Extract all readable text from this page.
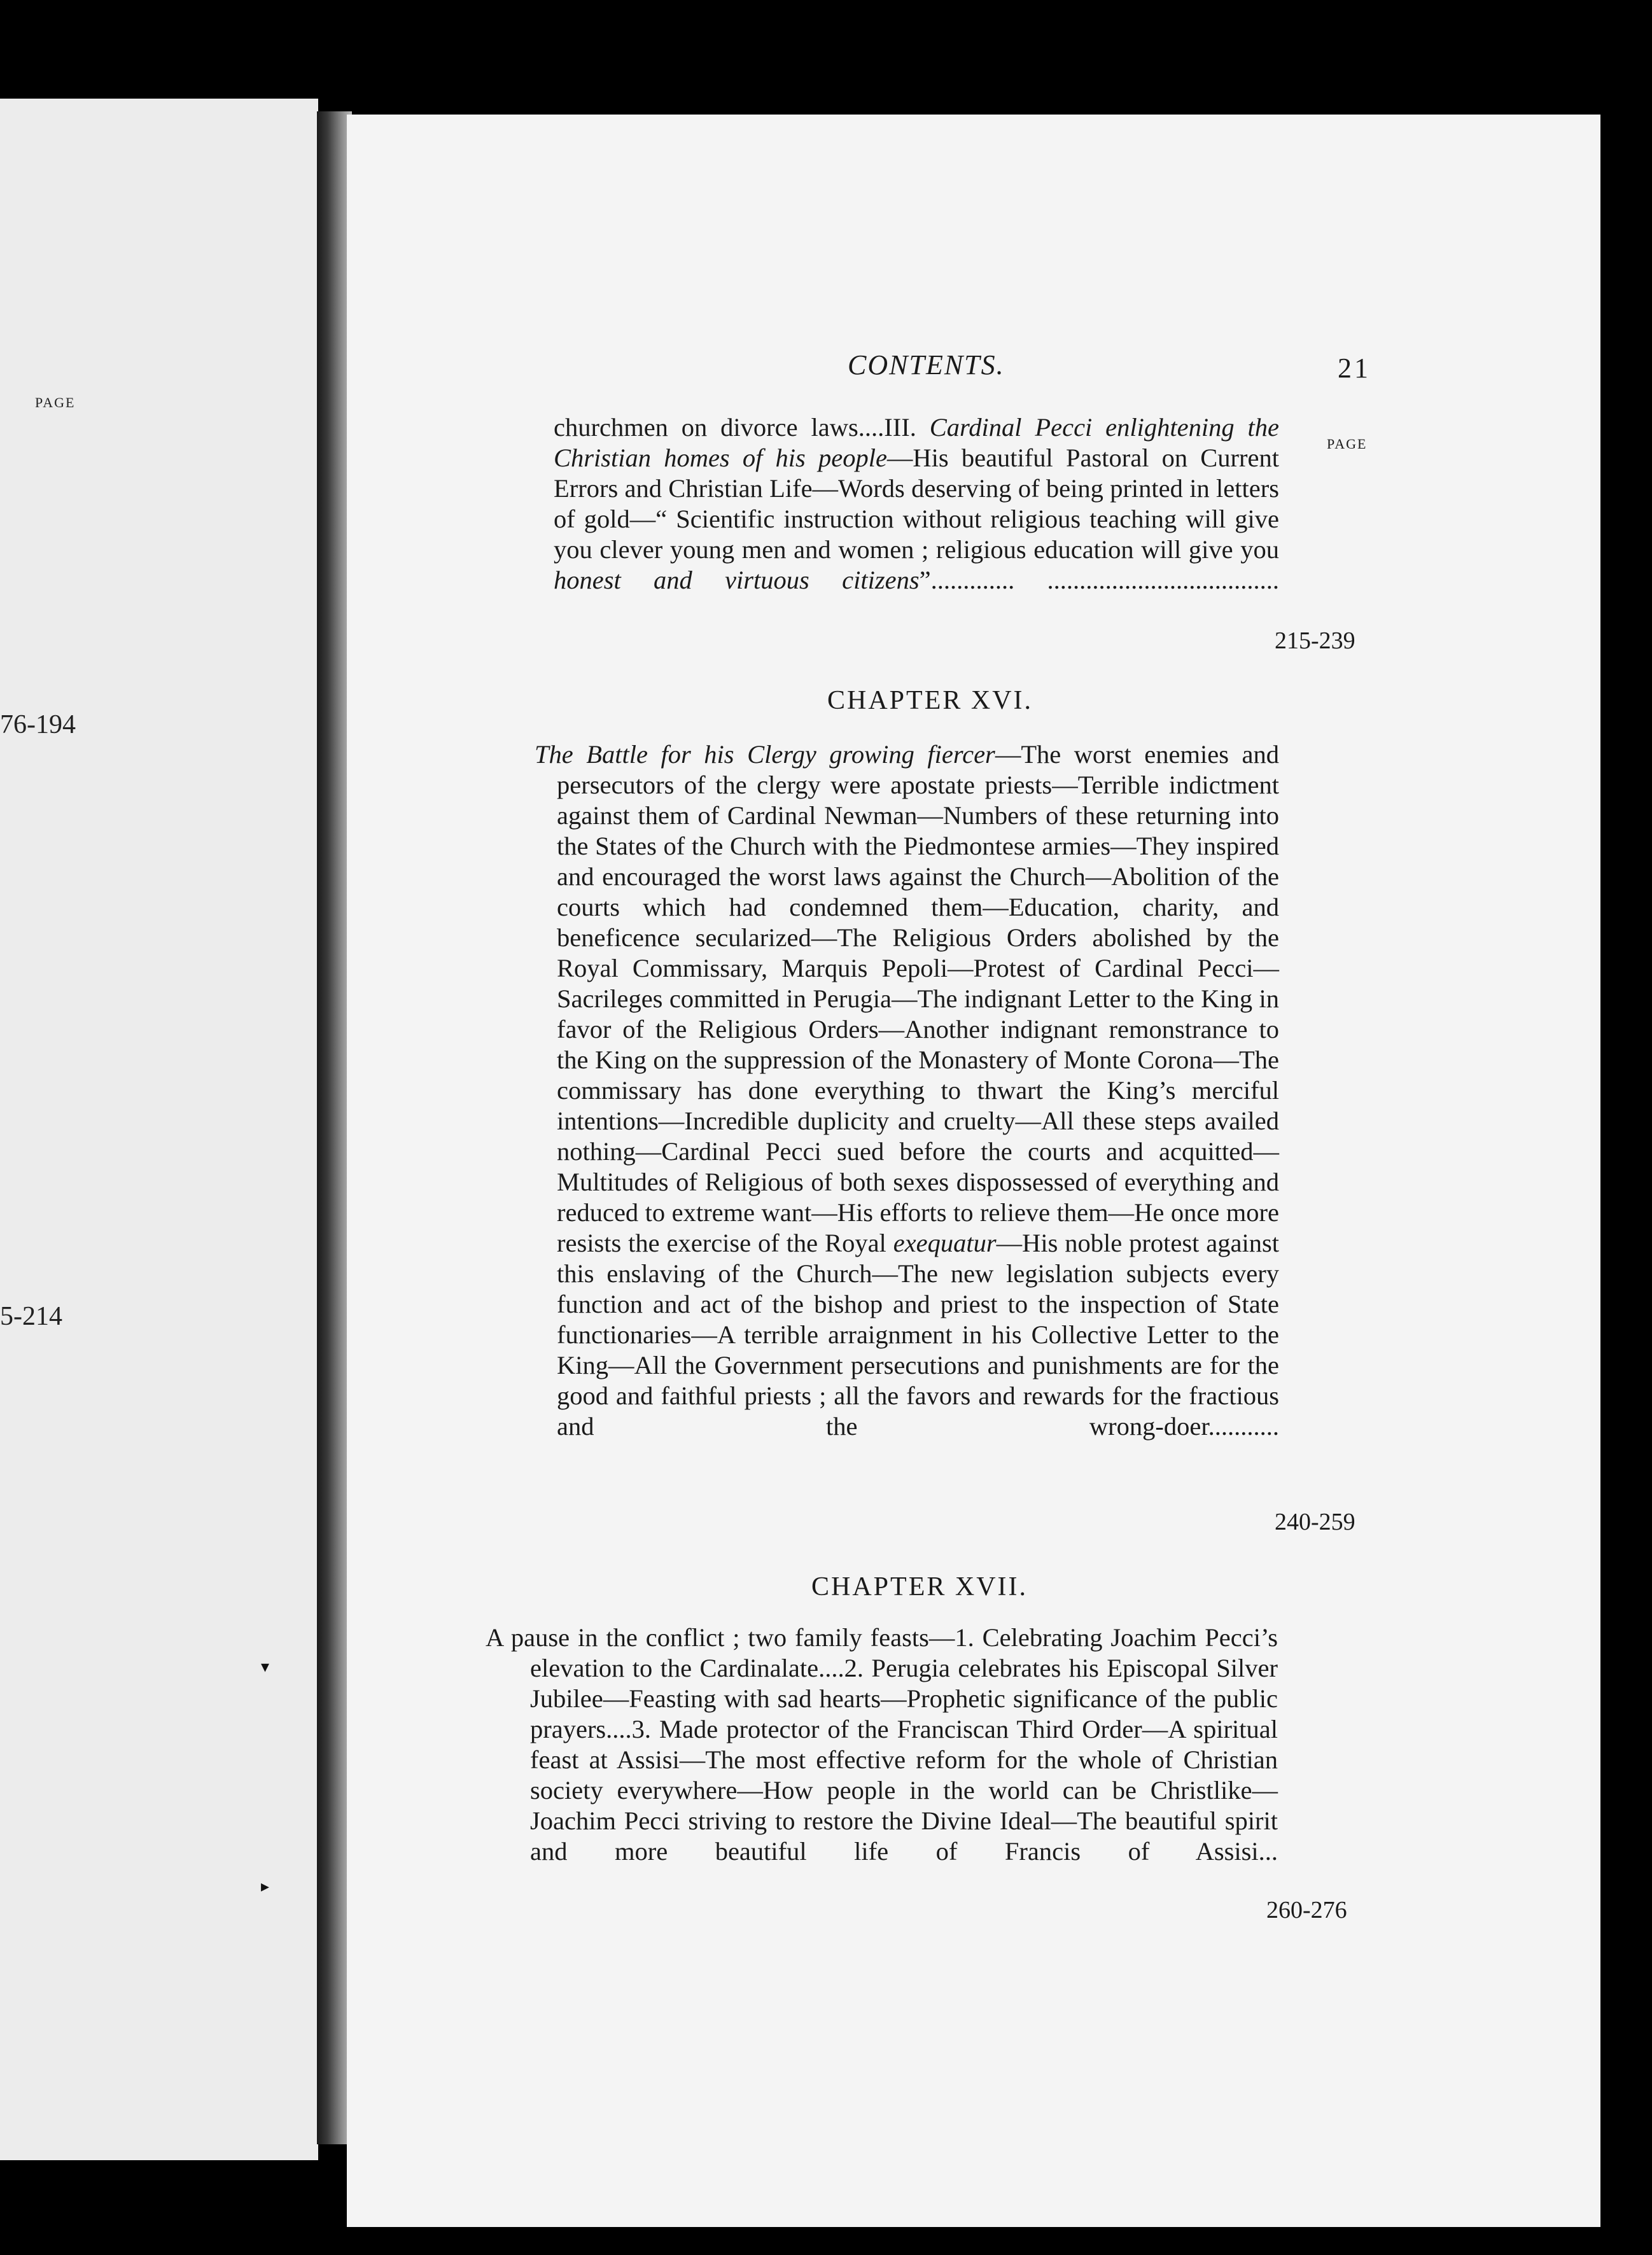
PAGE
76-194
5-214
▾
▸
CONTENTS.	21
PAGE
churchmen on divorce laws....III. Cardinal Pecci enlightening the Christian homes of his people—His beautiful Pastoral on Current Errors and Christian Life—Words deserving of being printed in letters of gold—“ Scientific instruction without religious teaching will give you clever young men and women ; religious education will give you honest and virtuous citizens”............. ....................................
215-239
CHAPTER XVI.
The Battle for his Clergy growing fiercer—The worst enemies and persecutors of the clergy were apostate priests—Terrible indictment against them of Cardinal Newman—Numbers of these returning into the States of the Church with the Piedmontese armies—They inspired and encouraged the worst laws against the Church—Abolition of the courts which had condemned them—Education, charity, and beneficence secularized—The Religious Orders abolished by the Royal Commissary, Marquis Pepoli—Protest of Cardinal Pecci—Sacrileges committed in Perugia—The indignant Letter to the King in favor of the Religious Orders—Another indignant remonstrance to the King on the suppression of the Monastery of Monte Corona—The commissary has done everything to thwart the King’s merciful intentions—Incredible duplicity and cruelty—All these steps availed nothing—Cardinal Pecci sued before the courts and acquitted—Multitudes of Religious of both sexes dispossessed of everything and reduced to extreme want—His efforts to relieve them—He once more resists the exercise of the Royal exequatur—His noble protest against this enslaving of the Church—The new legislation subjects every function and act of the bishop and priest to the inspection of State functionaries—A terrible arraignment in his Collective Letter to the King—All the Government persecutions and punishments are for the good and faithful priests ; all the favors and rewards for the fractious and the wrong-doer...........
240-259
CHAPTER XVII.
A pause in the conflict ; two family feasts—1. Celebrating Joachim Pecci’s elevation to the Cardinalate....2. Perugia celebrates his Episcopal Silver Jubilee—Feasting with sad hearts—Prophetic significance of the public prayers....3. Made protector of the Franciscan Third Order—A spiritual feast at Assisi—The most effective reform for the whole of Christian society everywhere—How people in the world can be Christlike—Joachim Pecci striving to restore the Divine Ideal—The beautiful spirit and more beautiful life of Francis of Assisi...
260-276
